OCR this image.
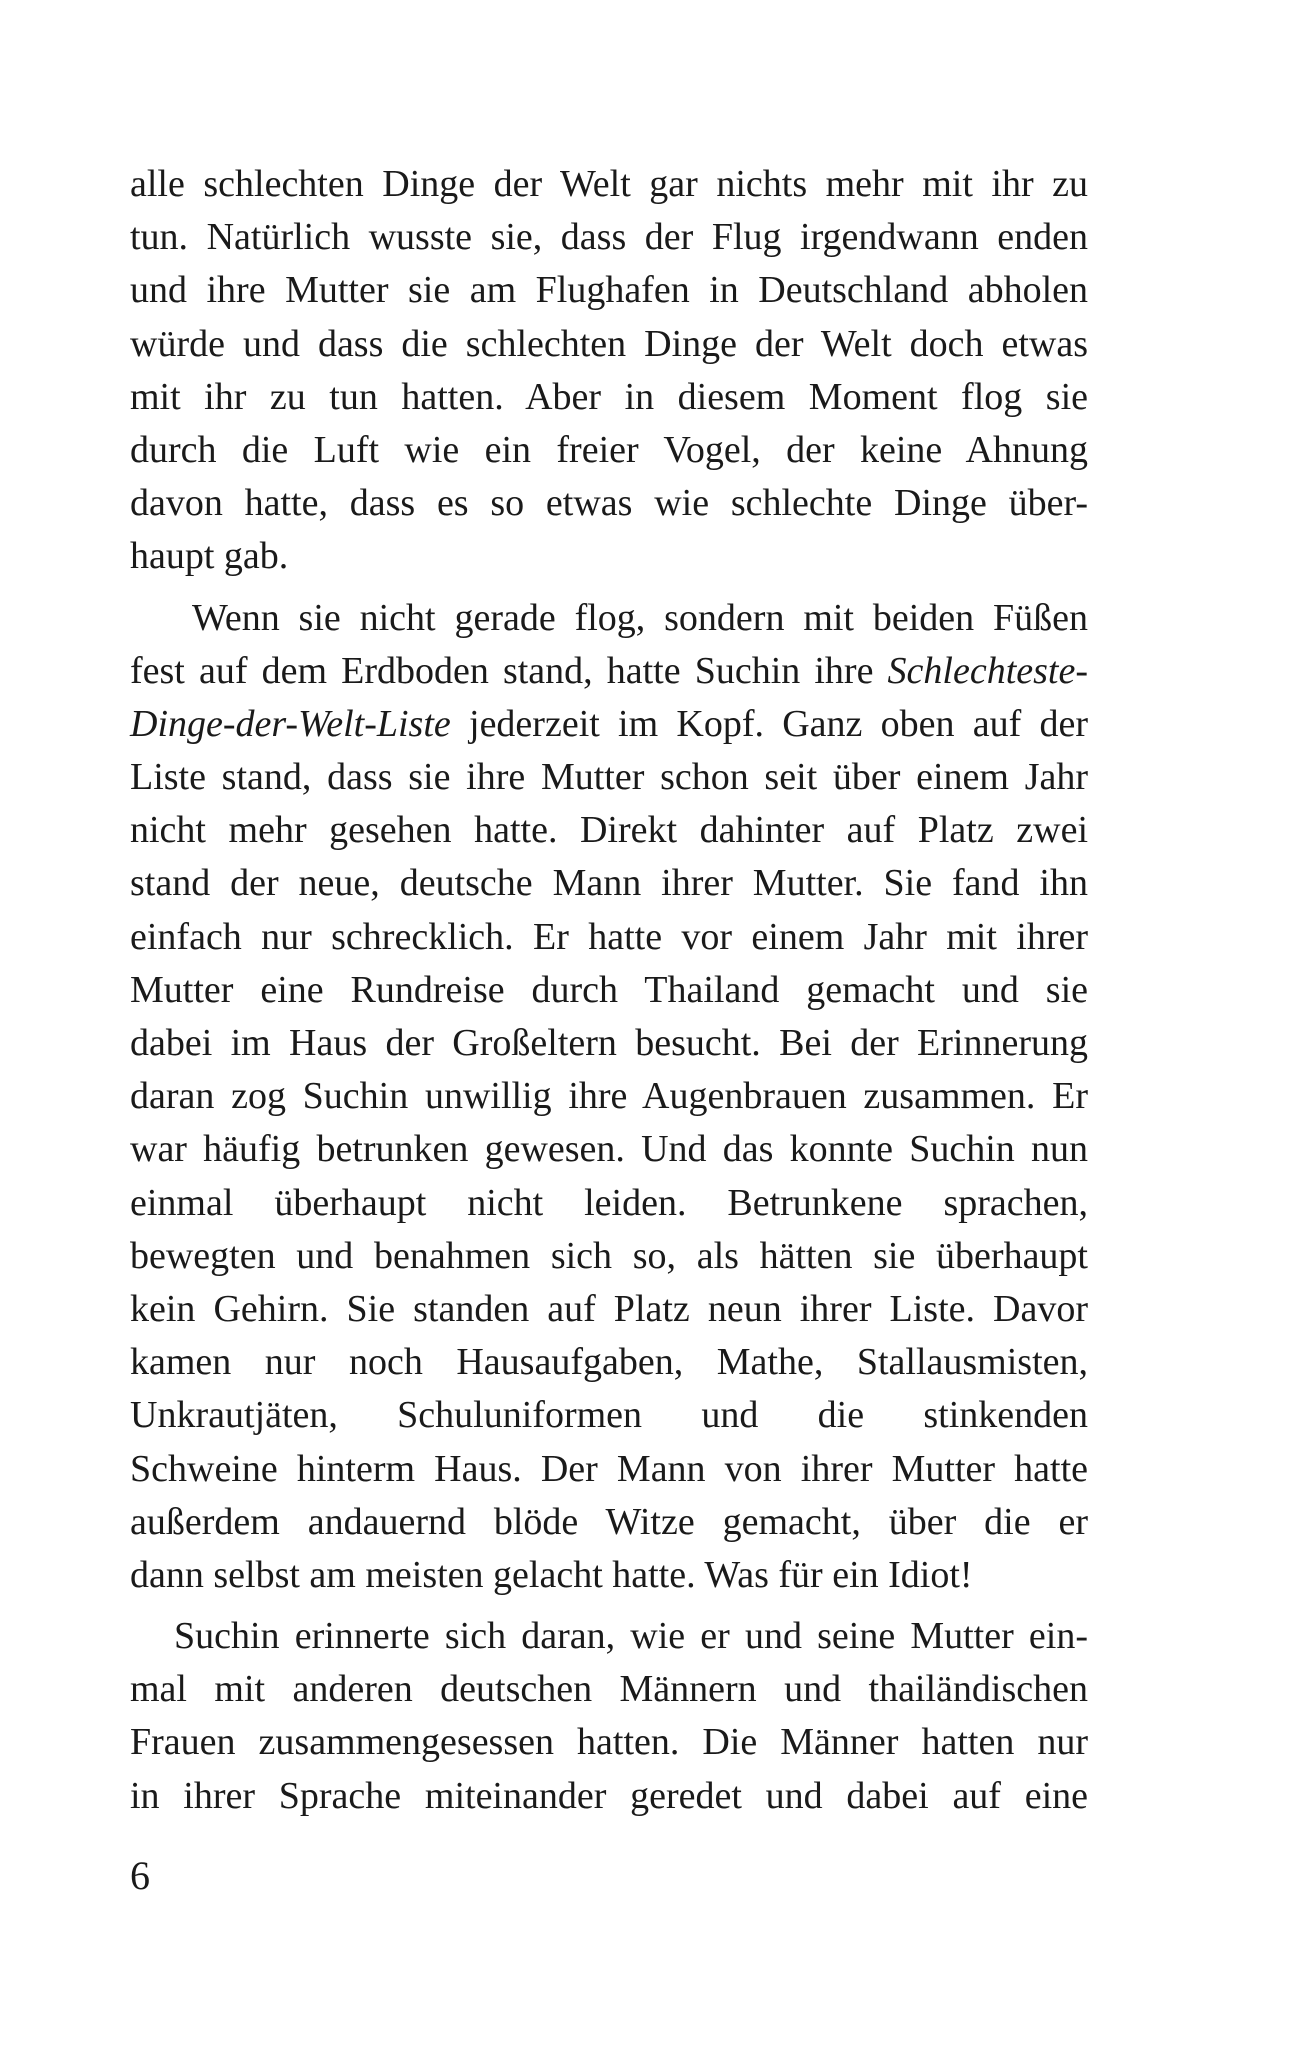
alle schlechten Dinge der Welt gar nichts mehr mit ihr zu
tun. Natürlich wusste sie, dass der Flug irgendwann enden
und ihre Mutter sie am Flughafen in Deutschland abholen
würde und dass die schlechten Dinge der Welt doch etwas
mit ihr zu tun hatten. Aber in diesem Moment flog sie
durch die Luft wie ein freier Vogel, der keine Ahnung
davon hatte, dass es so etwas wie schlechte Dinge über-
haupt gab.
Wenn sie nicht gerade flog, sondern mit beiden Füßen
fest auf dem Erdboden stand, hatte Suchin ihre Schlechteste-
Dinge-der-Welt-Liste jederzeit im Kopf. Ganz oben auf der
Liste stand, dass sie ihre Mutter schon seit über einem Jahr
nicht mehr gesehen hatte. Direkt dahinter auf Platz zwei
stand der neue, deutsche Mann ihrer Mutter. Sie fand ihn
einfach nur schrecklich. Er hatte vor einem Jahr mit ihrer
Mutter eine Rundreise durch Thailand gemacht und sie
dabei im Haus der Großeltern besucht. Bei der Erinnerung
daran zog Suchin unwillig ihre Augenbrauen zusammen. Er
war häufig betrunken gewesen. Und das konnte Suchin nun
einmal überhaupt nicht leiden. Betrunkene sprachen,
bewegten und benahmen sich so, als hätten sie überhaupt
kein Gehirn. Sie standen auf Platz neun ihrer Liste. Davor
kamen nur noch Hausaufgaben, Mathe, Stallausmisten,
Unkrautjäten, Schuluniformen und die stinkenden
Schweine hinterm Haus. Der Mann von ihrer Mutter hatte
außerdem andauernd blöde Witze gemacht, über die er
dann selbst am meisten gelacht hatte. Was für ein Idiot!
Suchin erinnerte sich daran, wie er und seine Mutter ein-
mal mit anderen deutschen Männern und thailändischen
Frauen zusammengesessen hatten. Die Männer hatten nur
in ihrer Sprache miteinander geredet und dabei auf eine
6
